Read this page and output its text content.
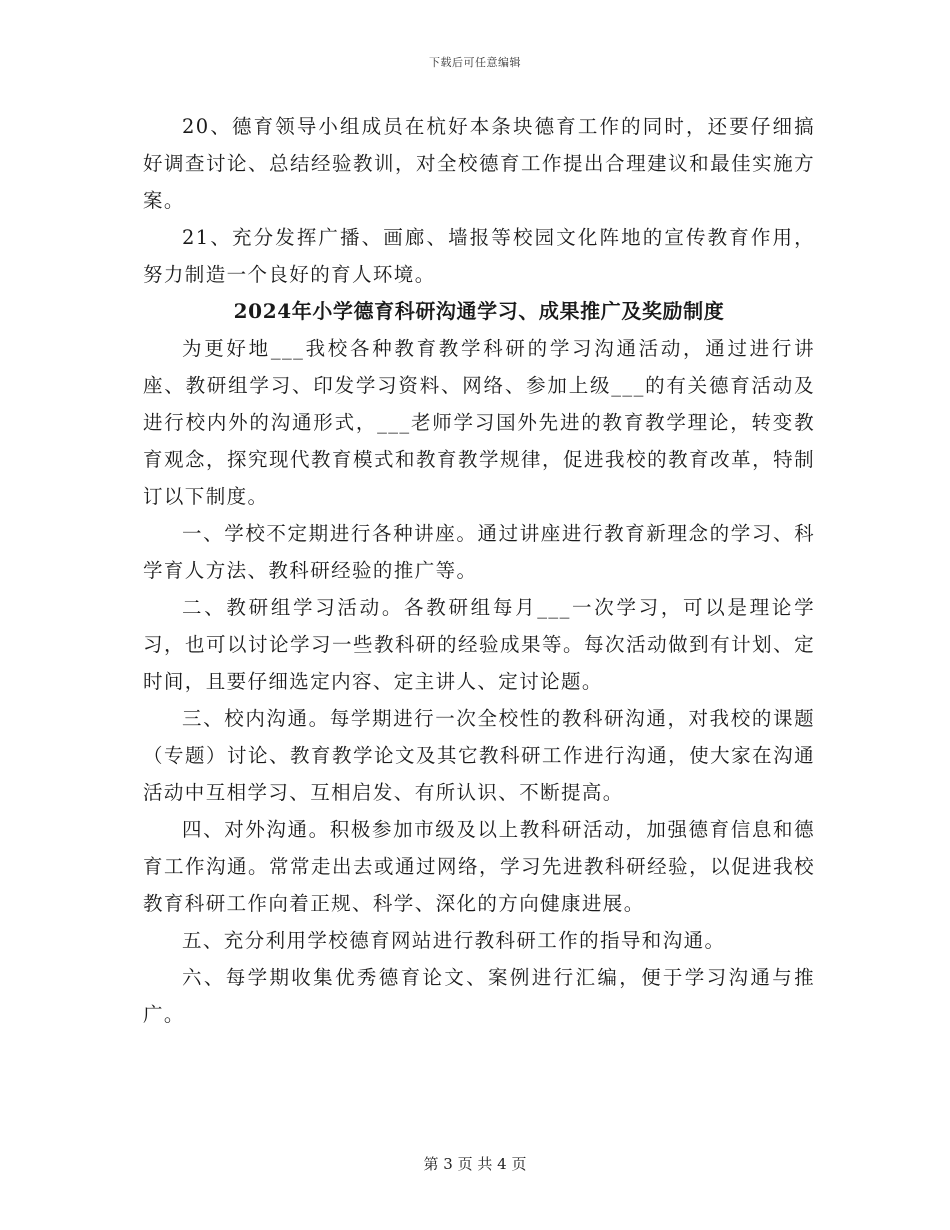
下载后可任意编辑

20、德育领导小组成员在杭好本条块德育工作的同时，还要仔细搞好调查讨论、总结经验教训，对全校德育工作提出合理建议和最佳实施方案。

21、充分发挥广播、画廊、墙报等校园文化阵地的宣传教育作用，努力制造一个良好的育人环境。

2024年小学德育科研沟通学习、成果推广及奖励制度

为更好地___我校各种教育教学科研的学习沟通活动，通过进行讲座、教研组学习、印发学习资料、网络、参加上级___的有关德育活动及进行校内外的沟通形式，___老师学习国外先进的教育教学理论，转变教育观念，探究现代教育模式和教育教学规律，促进我校的教育改革，特制订以下制度。

一、学校不定期进行各种讲座。通过讲座进行教育新理念的学习、科学育人方法、教科研经验的推广等。

二、教研组学习活动。各教研组每月___一次学习，可以是理论学习，也可以讨论学习一些教科研的经验成果等。每次活动做到有计划、定时间，且要仔细选定内容、定主讲人、定讨论题。

三、校内沟通。每学期进行一次全校性的教科研沟通，对我校的课题（专题）讨论、教育教学论文及其它教科研工作进行沟通，使大家在沟通活动中互相学习、互相启发、有所认识、不断提高。

四、对外沟通。积极参加市级及以上教科研活动，加强德育信息和德育工作沟通。常常走出去或通过网络，学习先进教科研经验，以促进我校教育科研工作向着正规、科学、深化的方向健康进展。

五、充分利用学校德育网站进行教科研工作的指导和沟通。

六、每学期收集优秀德育论文、案例进行汇编，便于学习沟通与推广。

第 3 页 共 4 页
